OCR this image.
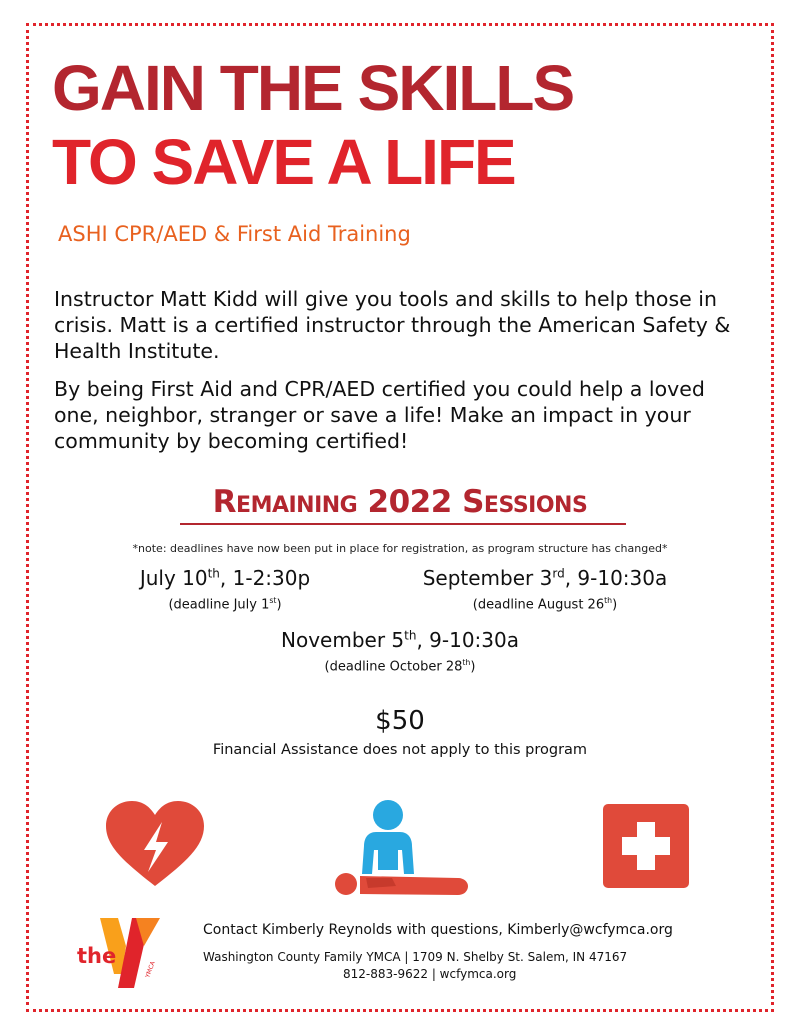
GAIN THE SKILLS
TO SAVE A LIFE
ASHI CPR/AED & First Aid Training
Instructor Matt Kidd will give you tools and skills to help those in crisis. Matt is a certified instructor through the American Safety & Health Institute.
By being First Aid and CPR/AED certified you could help a loved one, neighbor, stranger or save a life! Make an impact in your community by becoming certified!
Remaining 2022 Sessions
*note: deadlines have now been put in place for registration, as program structure has changed*
July 10th, 1-2:30p
(deadline July 1st)
September 3rd, 9-10:30a
(deadline August 26th)
November 5th, 9-10:30a
(deadline October 28th)
$50
Financial Assistance does not apply to this program
the
YMCA
Contact Kimberly Reynolds with questions, Kimberly@wcfymca.org
Washington County Family YMCA | 1709 N. Shelby St. Salem, IN 47167
812-883-9622 | wcfymca.org
